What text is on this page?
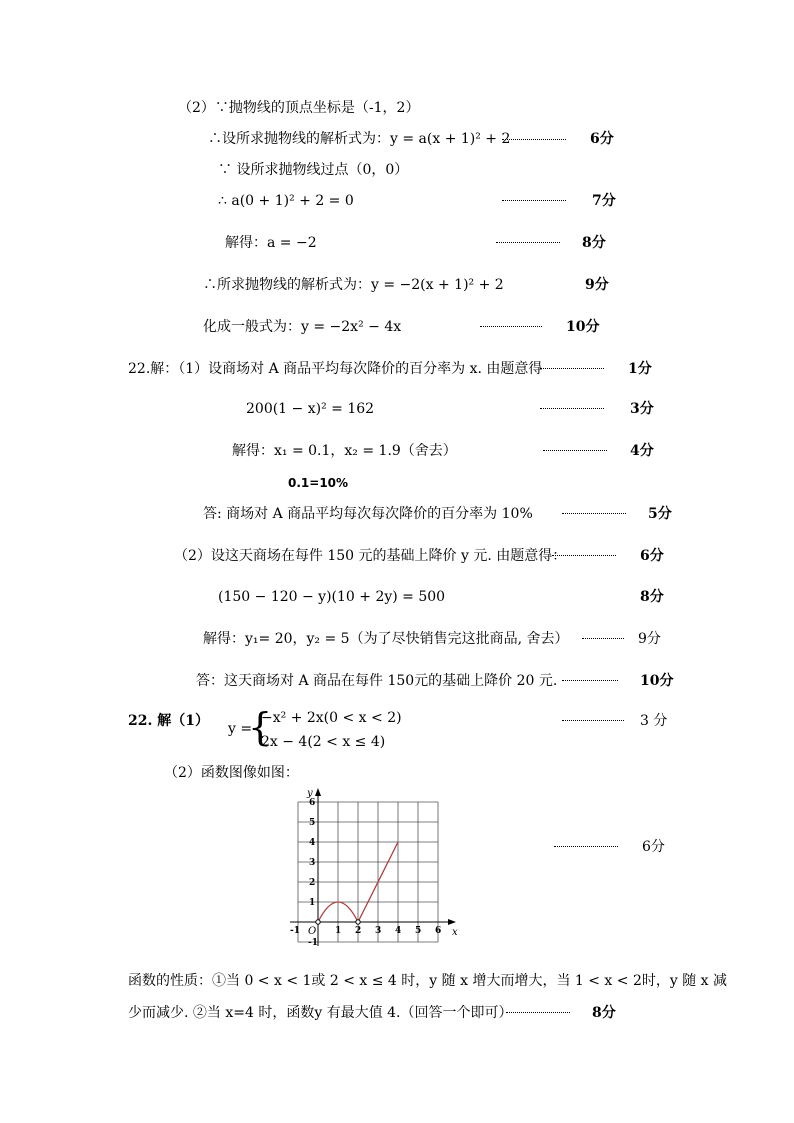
（2）∵抛物线的顶点坐标是（-1，2）
∴设所求抛物线的解析式为：y = a(x + 1)² + 2	6分
∵ 设所求抛物线过点（0，0）
∴ a(0 + 1)² + 2 = 0	7分
解得：a = −2	8分
∴所求抛物线的解析式为：y = −2(x + 1)² + 2	9分
化成一般式为：y = −2x² − 4x	10分
22.解：（1）设商场对 A 商品平均每次降价的百分率为 x. 由题意得	1分
200(1 − x)² = 162	3分
解得：x₁ = 0.1，x₂ = 1.9（舍去）	4分
0.1=10%
答: 商场对 A 商品平均每次每次降价的百分率为 10%	5分
（2）设这天商场在每件 150 元的基础上降价 y 元. 由题意得：	6分
(150 − 120 − y)(10 + 2y) = 500	8分
解得：y₁= 20，y₂ = 5（为了尽快销售完这批商品, 舍去）	9分
答：这天商场对 A 商品在每件 150元的基础上降价 20 元.	10分
22. 解（1） y =
{
−x² + 2x(0 < x < 2)
2x − 4(2 < x ≤ 4)
3 分
（2）函数图像如图：
x
y
O
-1	1 2 3 4 5 6
6
5
4
3
2
1
-1
6分
函数的性质：①当 0 < x < 1或 2 < x ≤ 4 时，y 随 x 增大而增大，当 1 < x < 2时，y 随 x 减
少而减少. ②当 x=4 时，函数y 有最大值 4.（回答一个即可）	8分
